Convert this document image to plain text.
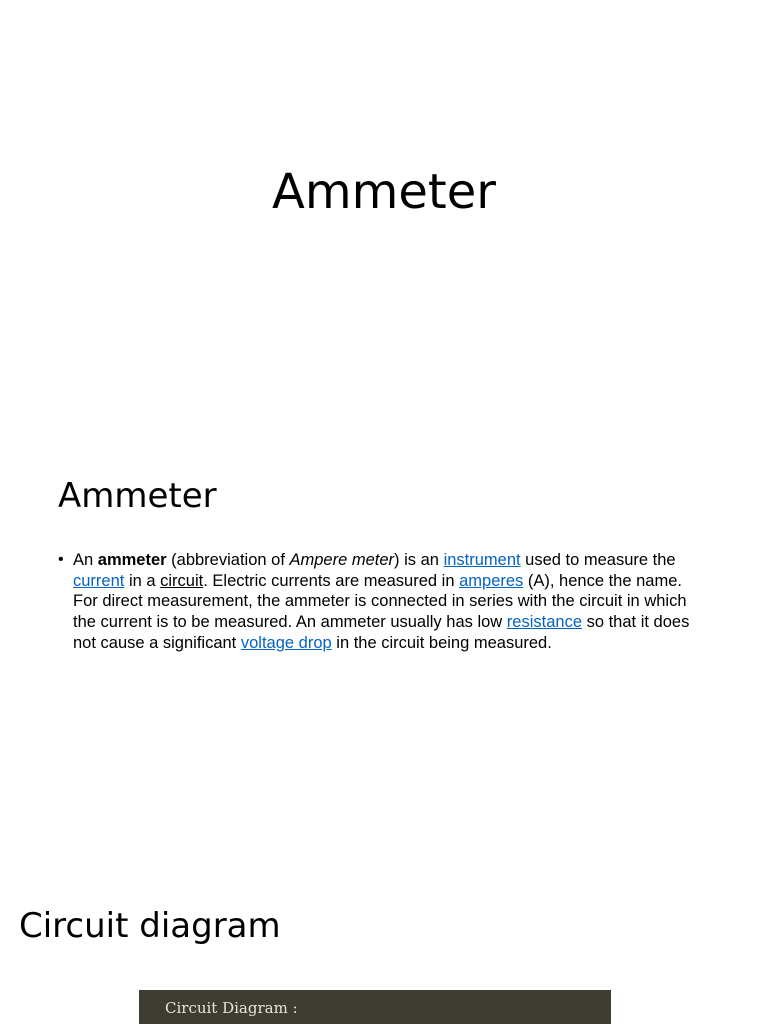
Ammeter
Ammeter
• An ammeter (abbreviation of Ampere meter) is an instrument used to measure the current in a circuit. Electric currents are measured in amperes (A), hence the name. For direct measurement, the ammeter is connected in series with the circuit in which the current is to be measured. An ammeter usually has low resistance so that it does not cause a significant voltage drop in the circuit being measured.

Circuit diagram
Circuit Diagram :
